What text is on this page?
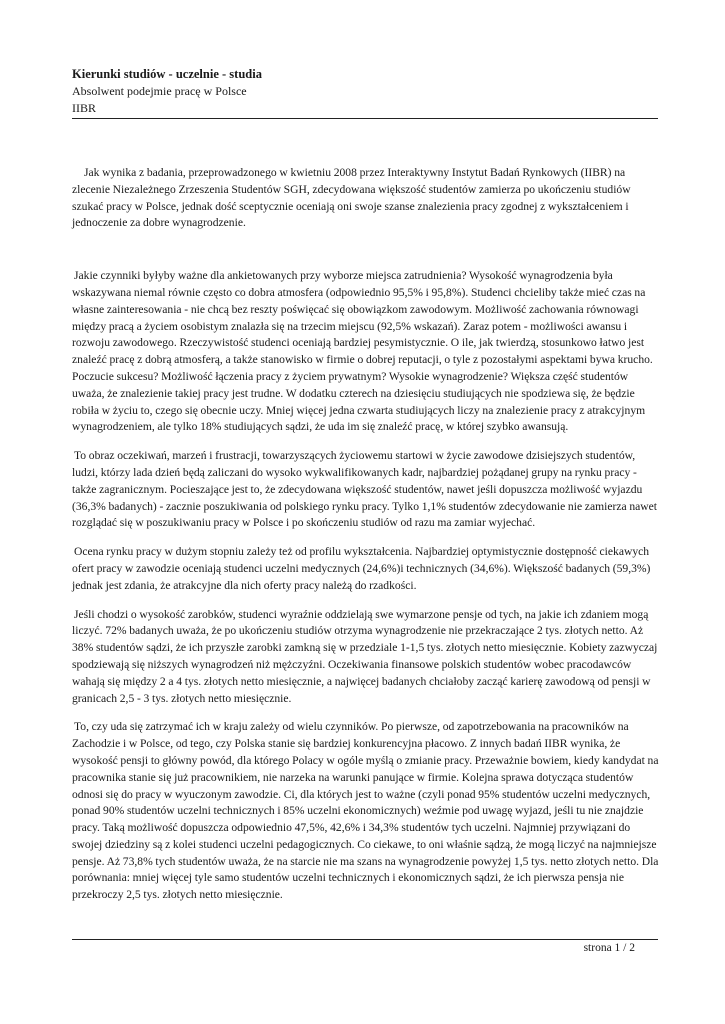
Kierunki studiów - uczelnie - studia

Absolwent podejmie pracę w Polsce

IIBR

Jak wynika z badania, przeprowadzonego w kwietniu 2008 przez Interaktywny Instytut Badań Rynkowych (IIBR) na zlecenie Niezależnego Zrzeszenia Studentów SGH, zdecydowana większość studentów zamierza po ukończeniu studiów szukać pracy w Polsce, jednak dość sceptycznie oceniają oni swoje szanse znalezienia pracy zgodnej z wykształceniem i jednoczenie za dobre wynagrodzenie.

Jakie czynniki byłyby ważne dla ankietowanych przy wyborze miejsca zatrudnienia? Wysokość wynagrodzenia była wskazywana niemal równie często co dobra atmosfera (odpowiednio 95,5% i 95,8%). Studenci chcieliby także mieć czas na własne zainteresowania - nie chcą bez reszty poświęcać się obowiązkom zawodowym. Możliwość zachowania równowagi między pracą a życiem osobistym znalazła się na trzecim miejscu (92,5% wskazań). Zaraz potem - możliwości awansu i rozwoju zawodowego. Rzeczywistość studenci oceniają bardziej pesymistycznie. O ile, jak twierdzą, stosunkowo łatwo jest znaleźć pracę z dobrą atmosferą, a także stanowisko w firmie o dobrej reputacji, o tyle z pozostałymi aspektami bywa krucho. Poczucie sukcesu? Możliwość łączenia pracy z życiem prywatnym? Wysokie wynagrodzenie? Większa część studentów uważa, że znalezienie takiej pracy jest trudne. W dodatku czterech na dziesięciu studiujących nie spodziewa się, że będzie robiła w życiu to, czego się obecnie uczy. Mniej więcej jedna czwarta studiujących liczy na znalezienie pracy z atrakcyjnym wynagrodzeniem, ale tylko 18% studiujących sądzi, że uda im się znaleźć pracę, w której szybko awansują.

To obraz oczekiwań, marzeń i frustracji, towarzyszących życiowemu startowi w życie zawodowe dzisiejszych studentów, ludzi, którzy lada dzień będą zaliczani do wysoko wykwalifikowanych kadr, najbardziej pożądanej grupy na rynku pracy - także zagranicznym. Pocieszające jest to, że zdecydowana większość studentów, nawet jeśli dopuszcza możliwość wyjazdu (36,3% badanych) - zacznie poszukiwania od polskiego rynku pracy. Tylko 1,1% studentów zdecydowanie nie zamierza nawet rozglądać się w poszukiwaniu pracy w Polsce i po skończeniu studiów od razu ma zamiar wyjechać.

Ocena rynku pracy w dużym stopniu zależy też od profilu wykształcenia. Najbardziej optymistycznie dostępność ciekawych ofert pracy w zawodzie oceniają studenci uczelni medycznych (24,6%)i technicznych (34,6%). Większość badanych (59,3%) jednak jest zdania, że atrakcyjne dla nich oferty pracy należą do rzadkości.

Jeśli chodzi o wysokość zarobków, studenci wyraźnie oddzielają swe wymarzone pensje od tych, na jakie ich zdaniem mogą liczyć. 72% badanych uważa, że po ukończeniu studiów otrzyma wynagrodzenie nie przekraczające 2 tys. złotych netto. Aż 38% studentów sądzi, że ich przyszłe zarobki zamkną się w przedziale 1-1,5 tys. złotych netto miesięcznie. Kobiety zazwyczaj spodziewają się niższych wynagrodzeń niż mężczyźni. Oczekiwania finansowe polskich studentów wobec pracodawców wahają się między 2 a 4 tys. złotych netto miesięcznie, a najwięcej badanych chciałoby zacząć karierę zawodową od pensji w granicach 2,5 - 3 tys. złotych netto miesięcznie.

To, czy uda się zatrzymać ich w kraju zależy od wielu czynników. Po pierwsze, od zapotrzebowania na pracowników na Zachodzie i w Polsce, od tego, czy Polska stanie się bardziej konkurencyjna płacowo. Z innych badań IIBR wynika, że wysokość pensji to główny powód, dla którego Polacy w ogóle myślą o zmianie pracy. Przeważnie bowiem, kiedy kandydat na pracownika stanie się już pracownikiem, nie narzeka na warunki panujące w firmie. Kolejna sprawa dotycząca studentów odnosi się do pracy w wyuczonym zawodzie. Ci, dla których jest to ważne (czyli ponad 95% studentów uczelni medycznych, ponad 90% studentów uczelni technicznych i 85% uczelni ekonomicznych) weźmie pod uwagę wyjazd, jeśli tu nie znajdzie pracy. Taką możliwość dopuszcza odpowiednio 47,5%, 42,6% i 34,3% studentów tych uczelni. Najmniej przywiązani do swojej dziedziny są z kolei studenci uczelni pedagogicznych. Co ciekawe, to oni właśnie sądzą, że mogą liczyć na najmniejsze pensje. Aż 73,8% tych studentów uważa, że na starcie nie ma szans na wynagrodzenie powyżej 1,5 tys. netto złotych netto. Dla porównania: mniej więcej tyle samo studentów uczelni technicznych i ekonomicznych sądzi, że ich pierwsza pensja nie przekroczy 2,5 tys. złotych netto miesięcznie.

strona 1 / 2
